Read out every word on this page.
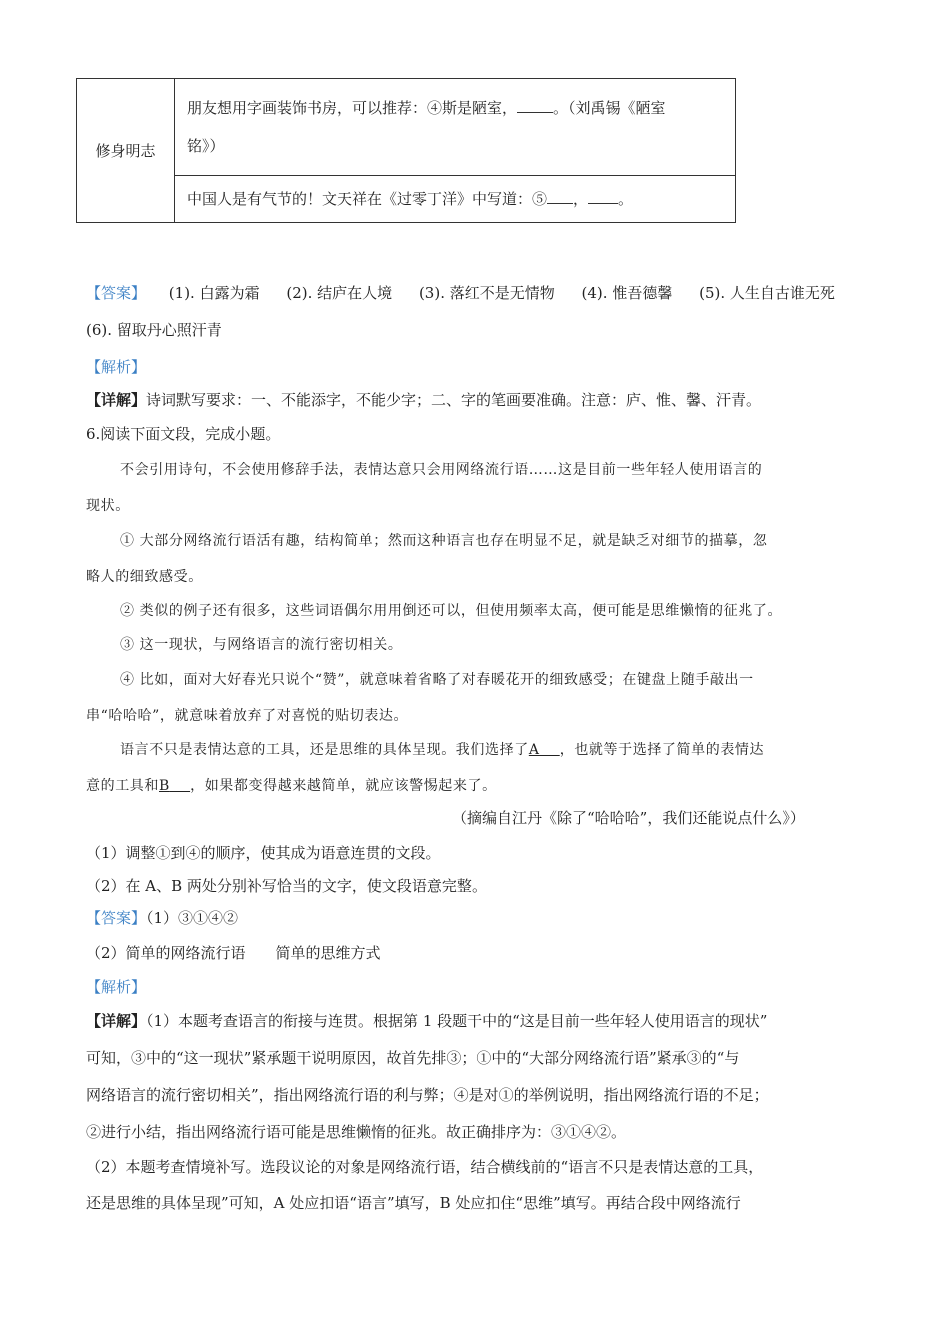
修身明志	朋友想用字画装饰书房，可以推荐：④斯是陋室， 。（刘禹锡《陋室
铭》）
中国人是有气节的！文天祥在《过零丁洋》中写道：⑤ ， 。
【答案】 (1). 白露为霜 (2). 结庐在人境 (3). 落红不是无情物 (4). 惟吾德馨 (5). 人生自古谁无死
(6). 留取丹心照汗青
【解析】
【详解】诗词默写要求：一、不能添字，不能少字；二、字的笔画要准确。注意：庐、惟、馨、汗青。
6.阅读下面文段，完成小题。
不会引用诗句，不会使用修辞手法，表情达意只会用网络流行语……这是目前一些年轻人使用语言的
现状。
① 大部分网络流行语活有趣，结构简单；然而这种语言也存在明显不足，就是缺乏对细节的描摹，忽
略人的细致感受。
② 类似的例子还有很多，这些词语偶尔用用倒还可以，但使用频率太高，便可能是思维懒惰的征兆了。
③ 这一现状，与网络语言的流行密切相关。
④ 比如，面对大好春光只说个“赞”，就意味着省略了对春暖花开的细致感受；在键盘上随手敲出一
串“哈哈哈”，就意味着放弃了对喜悦的贴切表达。
语言不只是表情达意的工具，还是思维的具体呈现。我们选择了A ，也就等于选择了简单的表情达
意的工具和B ，如果都变得越来越简单，就应该警惕起来了。
（摘编自江丹《除了“哈哈哈”，我们还能说点什么》）
（1）调整①到④的顺序，使其成为语意连贯的文段。
（2）在 A、B 两处分别补写恰当的文字，使文段语意完整。
【答案】（1）③①④②
（2）简单的网络流行语　　简单的思维方式
【解析】
【详解】（1）本题考查语言的衔接与连贯。根据第 1 段题干中的“这是目前一些年轻人使用语言的现状”
可知，③中的“这一现状”紧承题干说明原因，故首先排③；①中的“大部分网络流行语”紧承③的“与
网络语言的流行密切相关”，指出网络流行语的利与弊；④是对①的举例说明，指出网络流行语的不足；
②进行小结，指出网络流行语可能是思维懒惰的征兆。故正确排序为：③①④②。
（2）本题考查情境补写。选段议论的对象是网络流行语，结合横线前的“语言不只是表情达意的工具，
还是思维的具体呈现”可知，A 处应扣语“语言”填写，B 处应扣住“思维”填写。再结合段中网络流行
